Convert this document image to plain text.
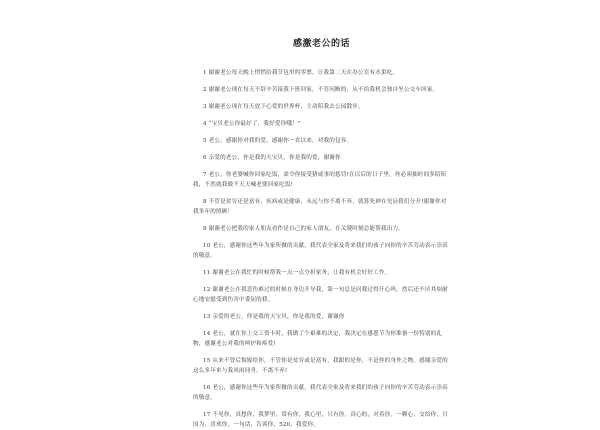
感激老公的话

1 谢谢老公每天晚上悄悄给我节包里的零票，让我第二天在办公室有水果吃。

2 谢谢老公现在每天不辞辛苦接我下班回家，不管问断的，从不给我机会独自坐公交车回家。

3 谢谢老公现在每天放下心爱的世界杯，主动陪我去公园散步。

4 “宝贝老公你最好了，我好爱你哦！”

5 老公，感谢你对我的爱，感谢你一直以来，对我的包容。

6 亲爱的老公，你是我的天宝贝，你是我的爱，谢谢你

7 老公，你老婆喊你回家吃饭，命令你接受猪咸事的惩罚!在以后的日子里，你必须抽时间多陪陪我，不然就我做不天天喊老婆回家吃饭!

8 不管是贫穷还是富有，疾病或是健康，永远与你不离不弃，就算死神在见证我们分开!谢谢你对我多年的照顾！

9 谢谢老公把我的家人朋友看作是自己的家人朋友，在关键时刻总能帮我出力。

10 老公，感谢你这些年为家所做的贡献，我代表全家及将来我们的孩子向你的辛苦劳动表示崇高的敬意。

11 谢谢老公在我忙的时候帮我一点一点分担家务，让我有机会好好工作。

12 谢谢老公在我悲伤难过的时候在身边开导我，第一句总是问我过得开心吗，然后还不厌其烦耐心地安慰受到伤害中委屈的我。

13 亲爱的老公，你是我的天宝贝，你是我的爱，谢谢你

14 老公，就在你上交工资卡时，我做了个艰难的决定，我决定在感恩节为你准备一份特别的礼物，感谢老公对我的呵护和疼爱!

15 从来不曾后悔嫁给你，不管你是贫穷或是富有，我跟的是你，不是你的身外之物。感谢亲爱的这么多年来与我风雨同舟，不离不弃!

16 老公，感谢你这些年为家所做的贡献，我代表全家及将来我们的孩子向你的辛苦劳动表示崇高的敬意。

17 不见你，真想你，我梦里，常有你，我心里，只有你。真心的，对着你，一颗心，交给你，只因为，喜欢你，一句话，告诉你，520，我爱你。
